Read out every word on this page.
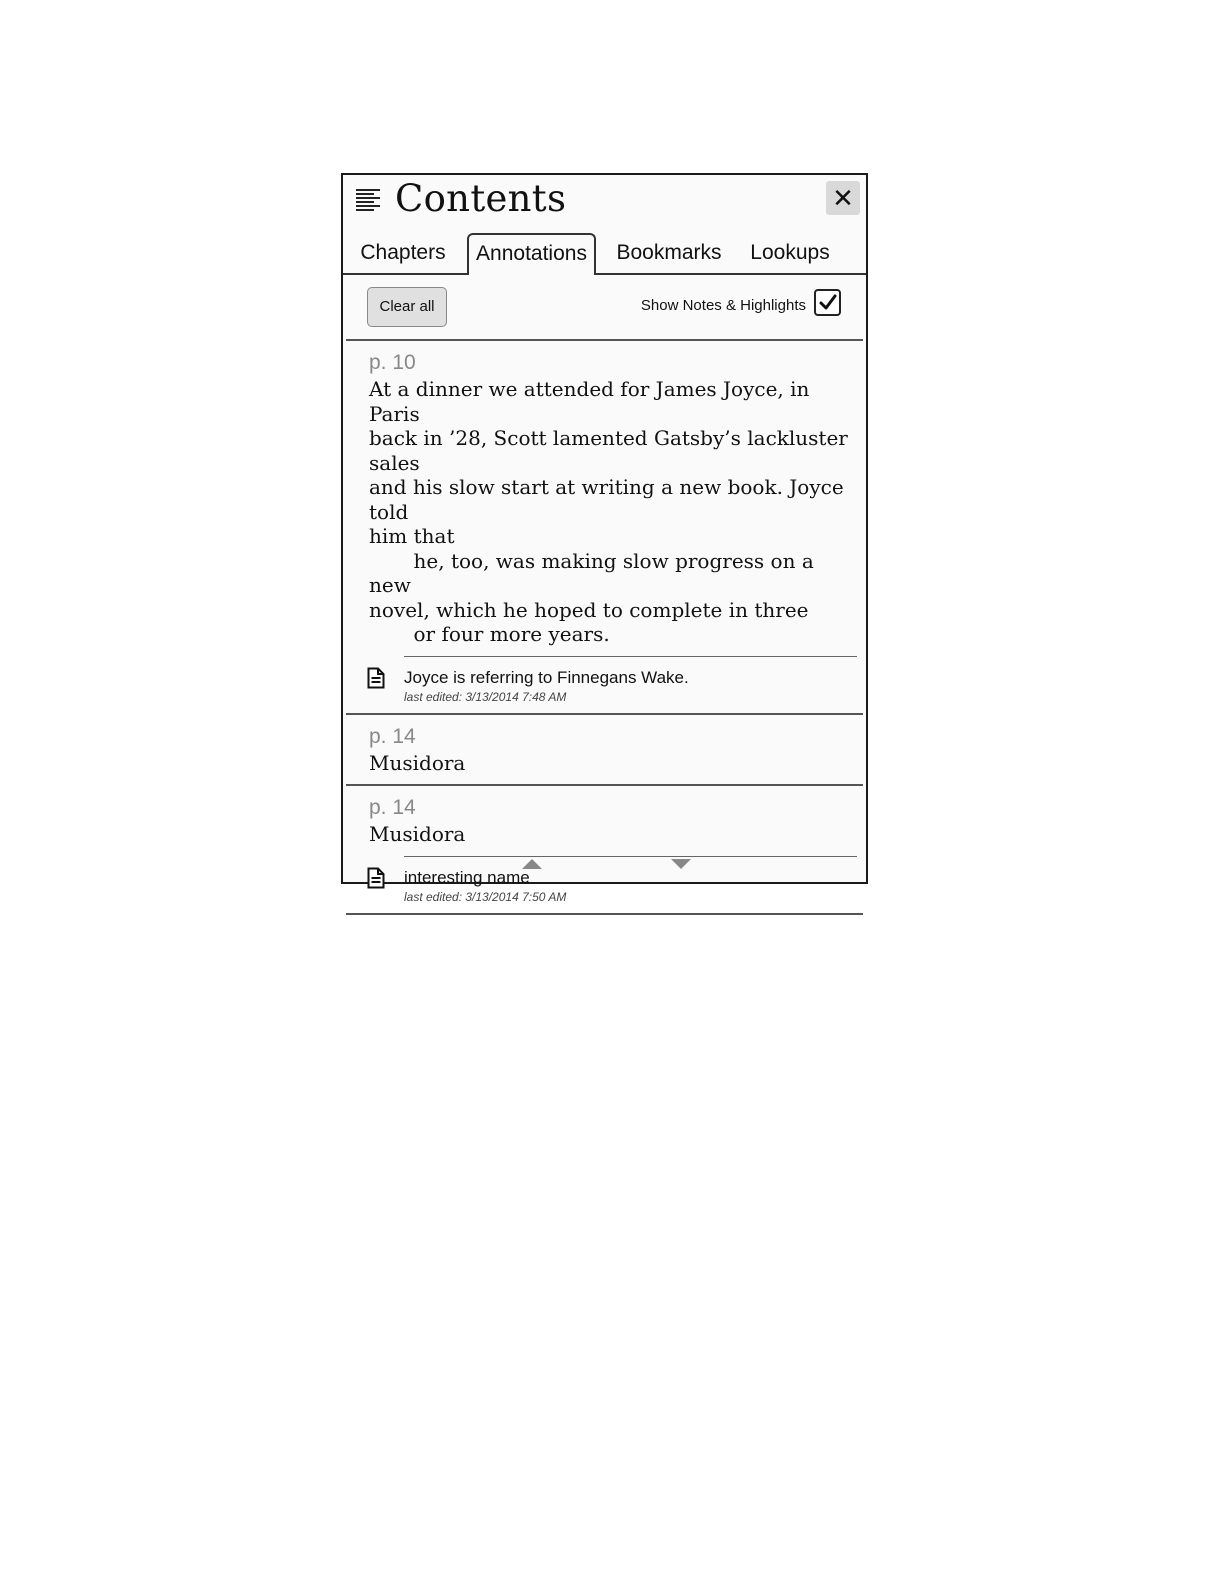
Contents	✕
Chapters	Annotations	Bookmarks Lookups
Clear all	Show Notes & Highlights
p. 10
At a dinner we attended for James Joyce, in Paris
back in ’28, Scott lamented Gatsby’s lackluster sales
and his slow start at writing a new book. Joyce told
him that
he, too, was making slow progress on a new
novel, which he hoped to complete in three
or four more years.
Joyce is referring to Finnegans Wake.
last edited: 3/13/2014 7:48 AM
p. 14
Musidora
p. 14
Musidora
interesting name
last edited: 3/13/2014 7:50 AM
